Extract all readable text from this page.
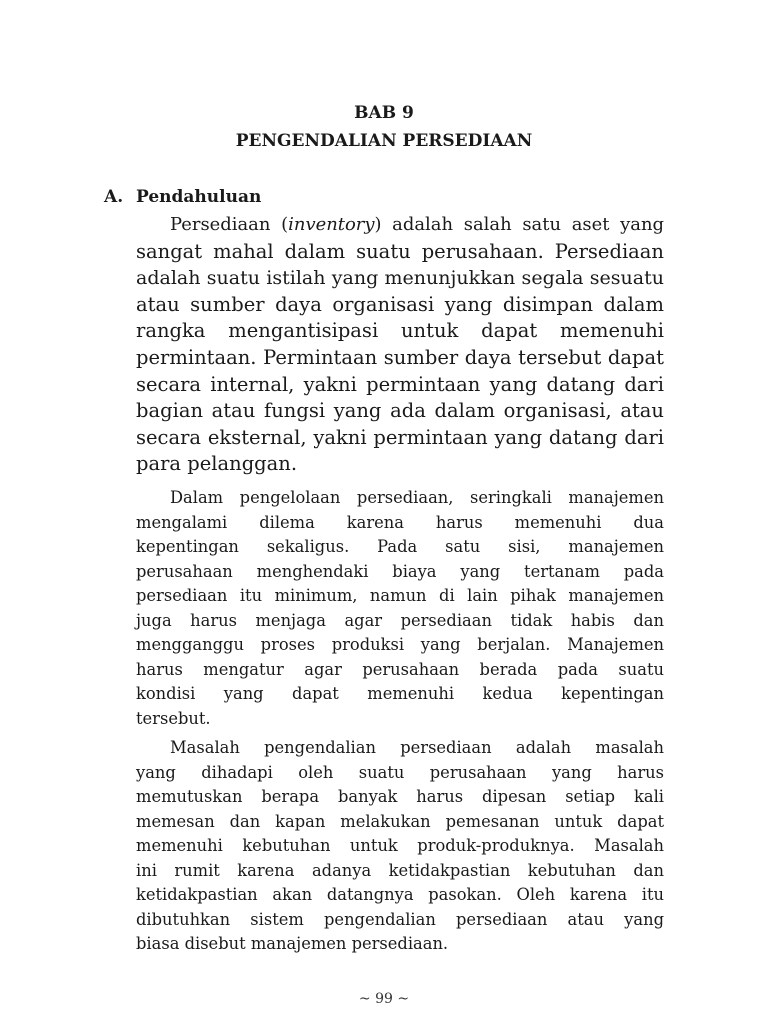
BAB 9
PENGENDALIAN PERSEDIAAN
A. Pendahuluan
Persediaan (inventory) adalah salah satu aset yang
sangat mahal dalam suatu perusahaan. Persediaan
adalah suatu istilah yang menunjukkan segala sesuatu
atau sumber daya organisasi yang disimpan dalam
rangka mengantisipasi untuk dapat memenuhi
permintaan. Permintaan sumber daya tersebut dapat
secara internal, yakni permintaan yang datang dari
bagian atau fungsi yang ada dalam organisasi, atau
secara eksternal, yakni permintaan yang datang dari
para pelanggan.
Dalam pengelolaan persediaan, seringkali manajemen
mengalami dilema karena harus memenuhi dua
kepentingan sekaligus. Pada satu sisi, manajemen
perusahaan menghendaki biaya yang tertanam pada
persediaan itu minimum, namun di lain pihak manajemen
juga harus menjaga agar persediaan tidak habis dan
mengganggu proses produksi yang berjalan. Manajemen
harus mengatur agar perusahaan berada pada suatu
kondisi yang dapat memenuhi kedua kepentingan
tersebut.
Masalah pengendalian persediaan adalah masalah
yang dihadapi oleh suatu perusahaan yang harus
memutuskan berapa banyak harus dipesan setiap kali
memesan dan kapan melakukan pemesanan untuk dapat
memenuhi kebutuhan untuk produk-produknya. Masalah
ini rumit karena adanya ketidakpastian kebutuhan dan
ketidakpastian akan datangnya pasokan. Oleh karena itu
dibutuhkan sistem pengendalian persediaan atau yang
biasa disebut manajemen persediaan.
~ 99 ~
